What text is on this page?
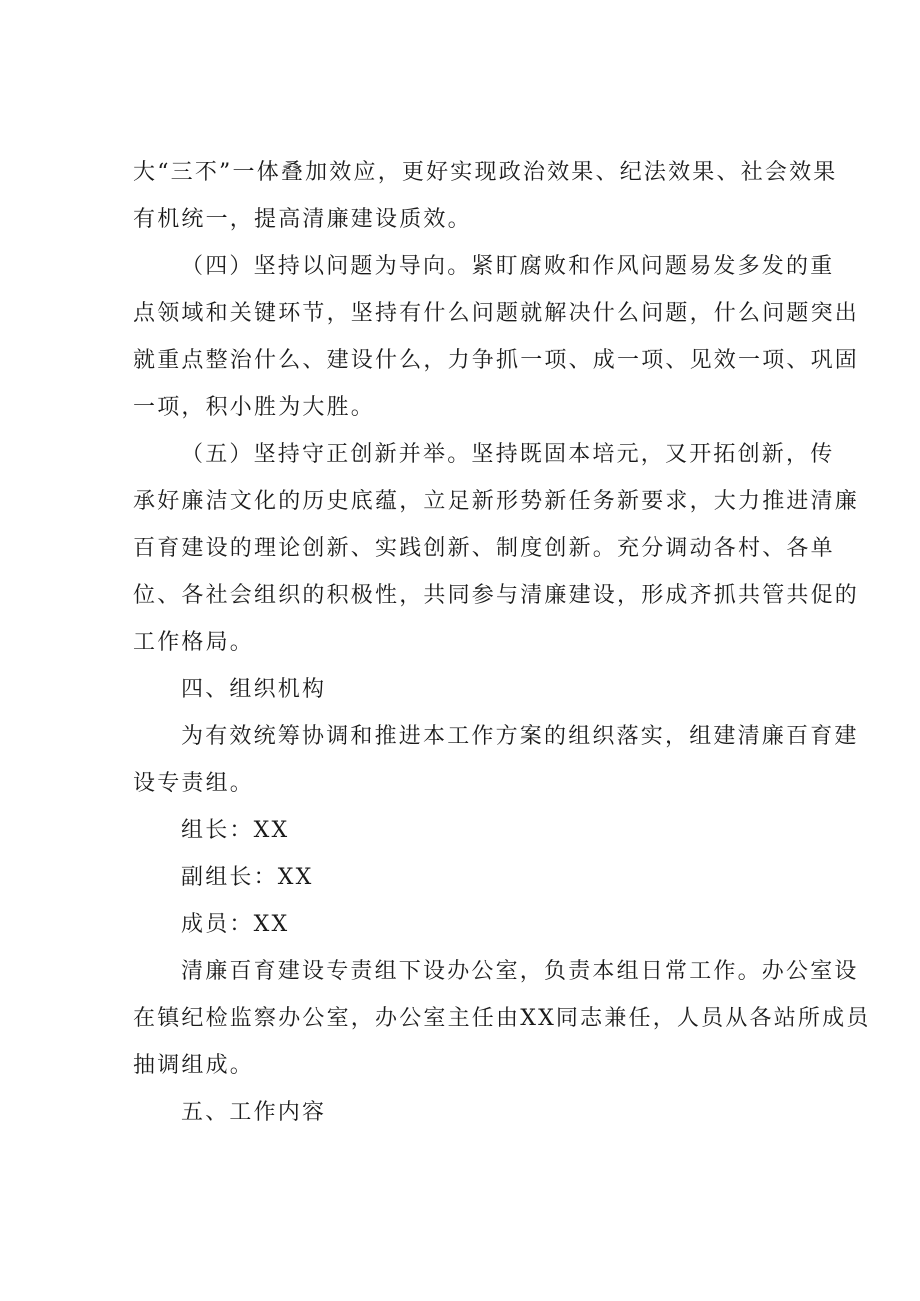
大“三不”一体叠加效应，更好实现政治效果、纪法效果、社会效果
有机统一，提高清廉建设质效。
（四）坚持以问题为导向。紧盯腐败和作风问题易发多发的重
点领域和关键环节，坚持有什么问题就解决什么问题，什么问题突出
就重点整治什么、建设什么，力争抓一项、成一项、见效一项、巩固
一项，积小胜为大胜。
（五）坚持守正创新并举。坚持既固本培元，又开拓创新，传
承好廉洁文化的历史底蕴，立足新形势新任务新要求，大力推进清廉
百育建设的理论创新、实践创新、制度创新。充分调动各村、各单
位、各社会组织的积极性，共同参与清廉建设，形成齐抓共管共促的
工作格局。
四、组织机构
为有效统筹协调和推进本工作方案的组织落实，组建清廉百育建
设专责组。
组长：XX
副组长：XX
成员：XX
清廉百育建设专责组下设办公室，负责本组日常工作。办公室设
在镇纪检监察办公室，办公室主任由XX同志兼任，人员从各站所成员
抽调组成。
五、工作内容
